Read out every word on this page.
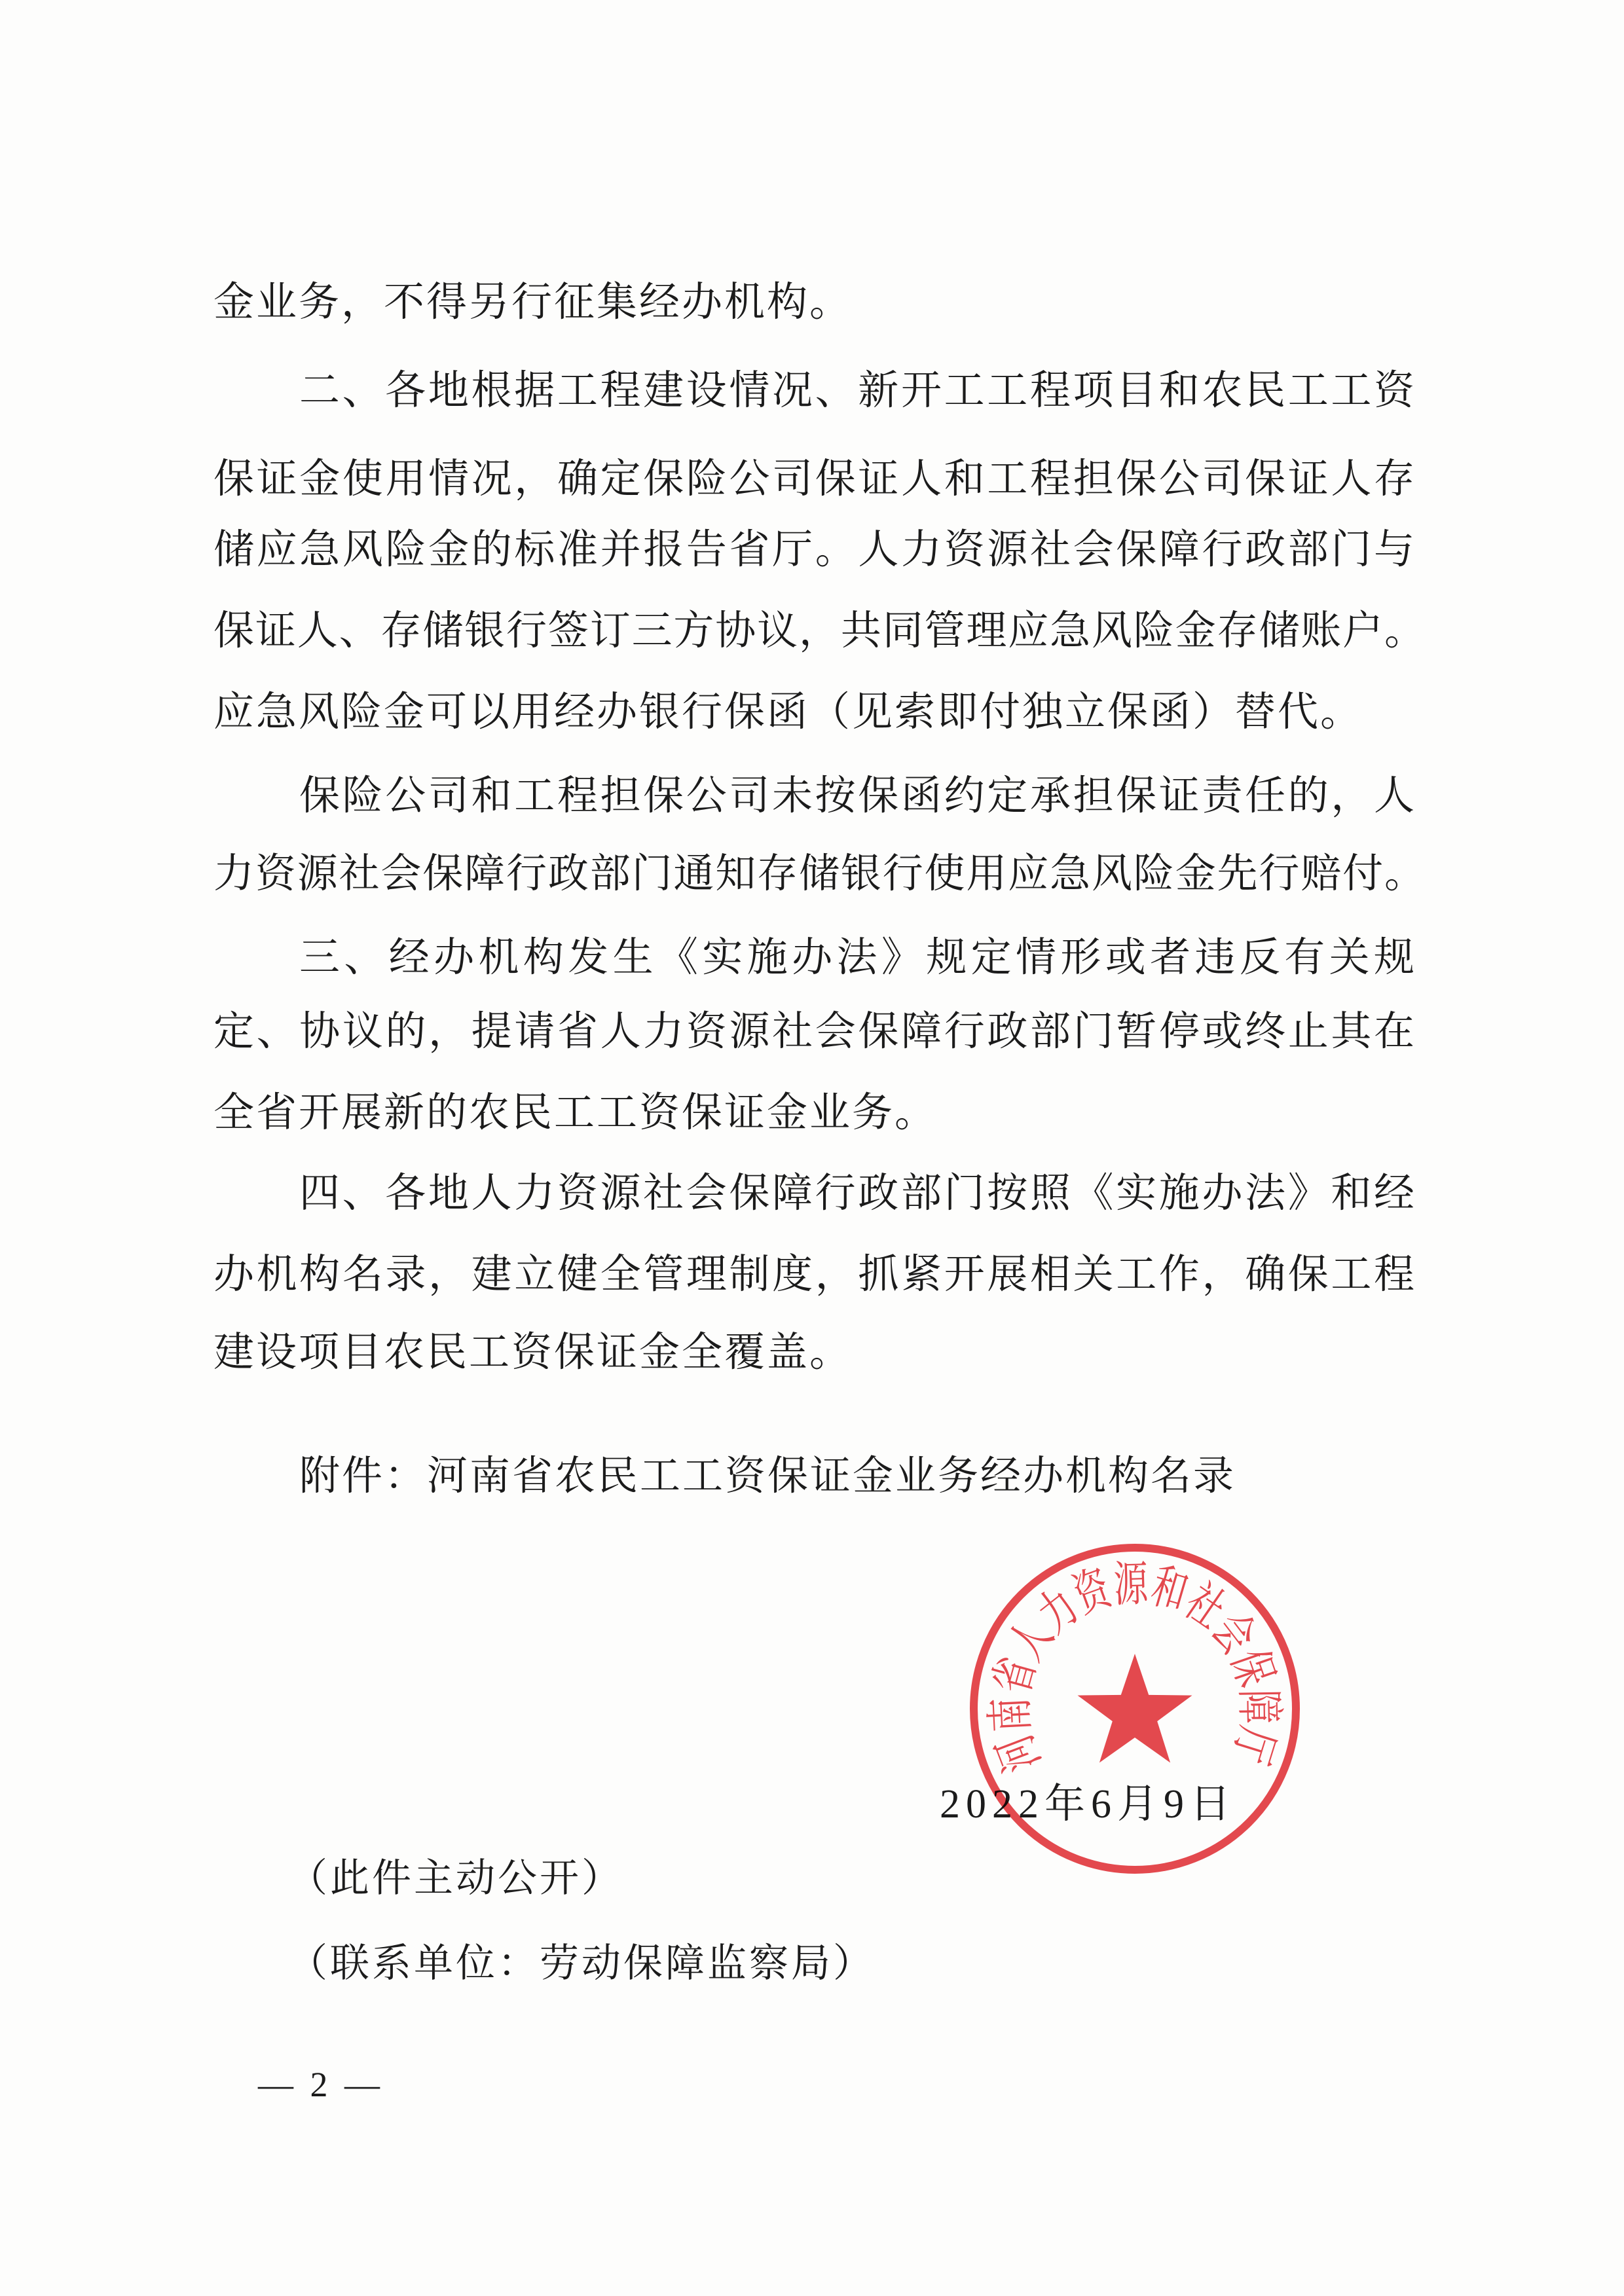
金业务，不得另行征集经办机构。
二、各地根据工程建设情况、新开工工程项目和农民工工资
保证金使用情况，确定保险公司保证人和工程担保公司保证人存
储应急风险金的标准并报告省厅。人力资源社会保障行政部门与
保证人、存储银行签订三方协议，共同管理应急风险金存储账户。
应急风险金可以用经办银行保函（见索即付独立保函）替代。
保险公司和工程担保公司未按保函约定承担保证责任的，人
力资源社会保障行政部门通知存储银行使用应急风险金先行赔付。
三、经办机构发生《实施办法》规定情形或者违反有关规
定、协议的，提请省人力资源社会保障行政部门暂停或终止其在
全省开展新的农民工工资保证金业务。
四、各地人力资源社会保障行政部门按照《实施办法》和经
办机构名录，建立健全管理制度，抓紧开展相关工作，确保工程
建设项目农民工资保证金全覆盖。
附件：河南省农民工工资保证金业务经办机构名录
2022年6月9日
河南省人力资源和社会保障厅
（此件主动公开）
（联系单位：劳动保障监察局）
— 2 —
